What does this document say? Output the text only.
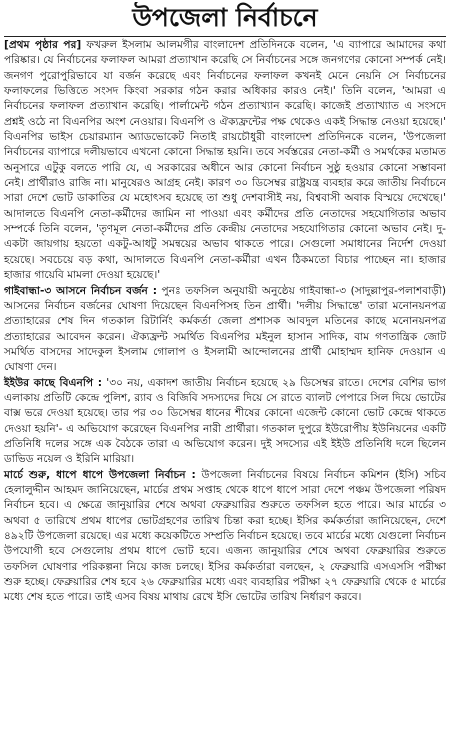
উপজেলা নির্বাচনে

[প্রথম পৃষ্ঠার পর] ফখরুল ইসলাম আলমগীর বাংলাদেশ প্রতিদিনকে বলেন, 'এ ব্যাপারে আমাদের কথা পরিষ্কার। যে নির্বাচনের ফলাফল আমরা প্রত্যাখান করেছি সে নির্বাচনের সঙ্গে জনগণের কোনো সম্পর্ক নেই। জনগণ পুরোপুরিভাবে যা বর্জন করেছে এবং নির্বাচনের ফলাফল কখনই মেনে নেয়নি সে নির্বাচনের ফলাফলের ভিত্তিতে সংসদ কিংবা সরকার গঠন করার অধিকার কারও নেই।' তিনি বলেন, 'আমরা এ নির্বাচনের ফলাফল প্রত্যাখান করেছি। পার্লামেন্ট গঠন প্রত্যাখ্যান করেছি। কাজেই প্রত্যাখ্যাত এ সংসদে প্রশ্নই ওঠে না বিএনপির অংশ নেওয়ার। বিএনপি ও ঐক্যফ্রন্টের পক্ষ থেকেও একই সিদ্ধান্ত নেওয়া হয়েছে।' বিএনপির ভাইস চেয়ারম্যান অ্যাডভোকেট নিতাই রায়চৌধুরী বাংলাদেশ প্রতিদিনকে বলেন, 'উপজেলা নির্বাচনের ব্যাপারে দলীয়ভাবে এখনো কোনো সিদ্ধান্ত হয়নি। তবে সর্বস্তরের নেতা-কর্মী ও সমর্থকের মতামত অনুসারে এটুকু বলতে পারি যে, এ সরকারের অধীনে আর কোনো নির্বাচন সুষ্ঠু হওয়ার কোনো সম্ভাবনা নেই। প্রার্থীরাও রাজি না। মানুষেরও আগ্রহ নেই। কারণ ৩০ ডিসেম্বর রাষ্ট্রযন্ত্র ব্যবহার করে জাতীয় নির্বাচনে সারা দেশে ভোট ডাকাতির যে মহোৎসব হয়েছে তা শুধু দেশবাসীই নয়, বিশ্ববাসী অবাক বিস্ময়ে দেখেছে।' আদালতে বিএনপি নেতা-কর্মীদের জামিন না পাওয়া এবং কর্মীদের প্রতি নেতাদের সহযোগিতার অভাব সম্পর্কে তিনি বলেন, 'তৃণমূল নেতা-কর্মীদের প্রতি কেন্দ্রীয় নেতাদের সহযোগিতার কোনো অভাব নেই। দু-একটা জায়গায় হয়তো একটু-আধটু সমন্বয়ের অভাব থাকতে পারে। সেগুলো সমাধানের নির্দেশ দেওয়া হয়েছে। সবচেয়ে বড় কথা, আদালতে বিএনপি নেতা-কর্মীরা এখন ঠিকমতো বিচার পাচ্ছেন না। হাজার হাজার গায়েবি মামলা দেওয়া হয়েছে।'

গাইবান্ধা-৩ আসনে নির্বাচন বর্জন : পুনঃ তফসিল অনুযায়ী অনুষ্ঠেয় গাইবান্ধা-৩ (সাদুল্লাপুর-পলাশবাড়ী) আসনের নির্বাচন বর্জনের ঘোষণা দিয়েছেন বিএনপিসহ তিন প্রার্থী। 'দলীয় সিদ্ধান্তে' তারা মনোনয়নপত্র প্রত্যাহারের শেষ দিন গতকাল রিটার্নিং কর্মকর্তা জেলা প্রশাসক আবদুল মতিনের কাছে মনোনয়নপত্র প্রত্যাহারের আবেদন করেন। ঐক্যফ্রন্ট সমর্থিত বিএনপির মইনুল হাসান সাদিক, বাম গণতান্ত্রিক জোট সমর্থিত বাসদের সাদেকুল ইসলাম গোলাপ ও ইসলামী আন্দোলনের প্রার্থী মোহাম্মদ হানিফ দেওয়ান এ ঘোষণা দেন।

ইইউর কাছে বিএনপি : '৩০ নয়, একাদশ জাতীয় নির্বাচন হয়েছে ২৯ ডিসেম্বর রাতে। দেশের বেশির ভাগ এলাকায় প্রতিটি কেন্দ্রে পুলিশ, র‌্যাব ও বিজিবি সদস্যদের দিয়ে সে রাতে ব্যালট পেপারে সিল দিয়ে ভোটের বাক্স ভরে দেওয়া হয়েছে। তার পর ৩০ ডিসেম্বর ধানের শীষের কোনো এজেন্ট কোনো ভোট কেন্দ্রে থাকতে দেওয়া হয়নি'- এ অভিযোগ করেছেন বিএনপির নারী প্রার্থীরা। গতকাল দুপুরে ইউরোপীয় ইউনিয়নের একটি প্রতিনিধি দলের সঙ্গে এক বৈঠকে তারা এ অভিযোগ করেন। দুই সদস্যের এই ইইউ প্রতিনিধি দলে ছিলেন ডাভিড নয়েল ও ইরিনি মারিয়া।

মার্চে শুরু, ধাপে ধাপে উপজেলা নির্বাচন : উপজেলা নির্বাচনের বিষয়ে নির্বাচন কমিশন (ইসি) সচিব হেলালুদ্দীন আহমদ জানিয়েছেন, মার্চের প্রথম সপ্তাহ থেকে ধাপে ধাপে সারা দেশে পঞ্চম উপজেলা পরিষদ নির্বাচন হবে। এ ক্ষেত্রে জানুয়ারির শেষে অথবা ফেব্রুয়ারির শুরুতে তফসিল হতে পারে। আর মার্চের ৩ অথবা ৫ তারিখে প্রথম ধাপের ভোটগ্রহণের তারিখ চিন্তা করা হচ্ছে। ইসির কর্মকর্তারা জানিয়েছেন, দেশে ৪৯২টি উপজেলা রয়েছে। এর মধ্যে কয়েকটিতে সম্প্রতি নির্বাচন হয়েছে। তবে মার্চের মধ্যে যেগুলো নির্বাচন উপযোগী হবে সেগুলোয় প্রথম ধাপে ভোট হবে। এজন্য জানুয়ারির শেষে অথবা ফেব্রুয়ারির শুরুতে তফসিল ঘোষণার পরিকল্পনা নিয়ে কাজ চলছে। ইসির কর্মকর্তারা বলছেন, ২ ফেব্রুয়ারি এসএসসি পরীক্ষা শুরু হচ্ছে। ফেব্রুয়ারির শেষ হবে ২৬ ফেব্রুয়ারির মধ্যে এবং ব্যবহারির পরীক্ষা ২৭ ফেব্রুয়ারি থেকে ৫ মার্চের মধ্যে শেষ হতে পারে। তাই এসব বিষয় মাথায় রেখে ইসি ভোটের তারিখ নির্ধারণ করবে।
